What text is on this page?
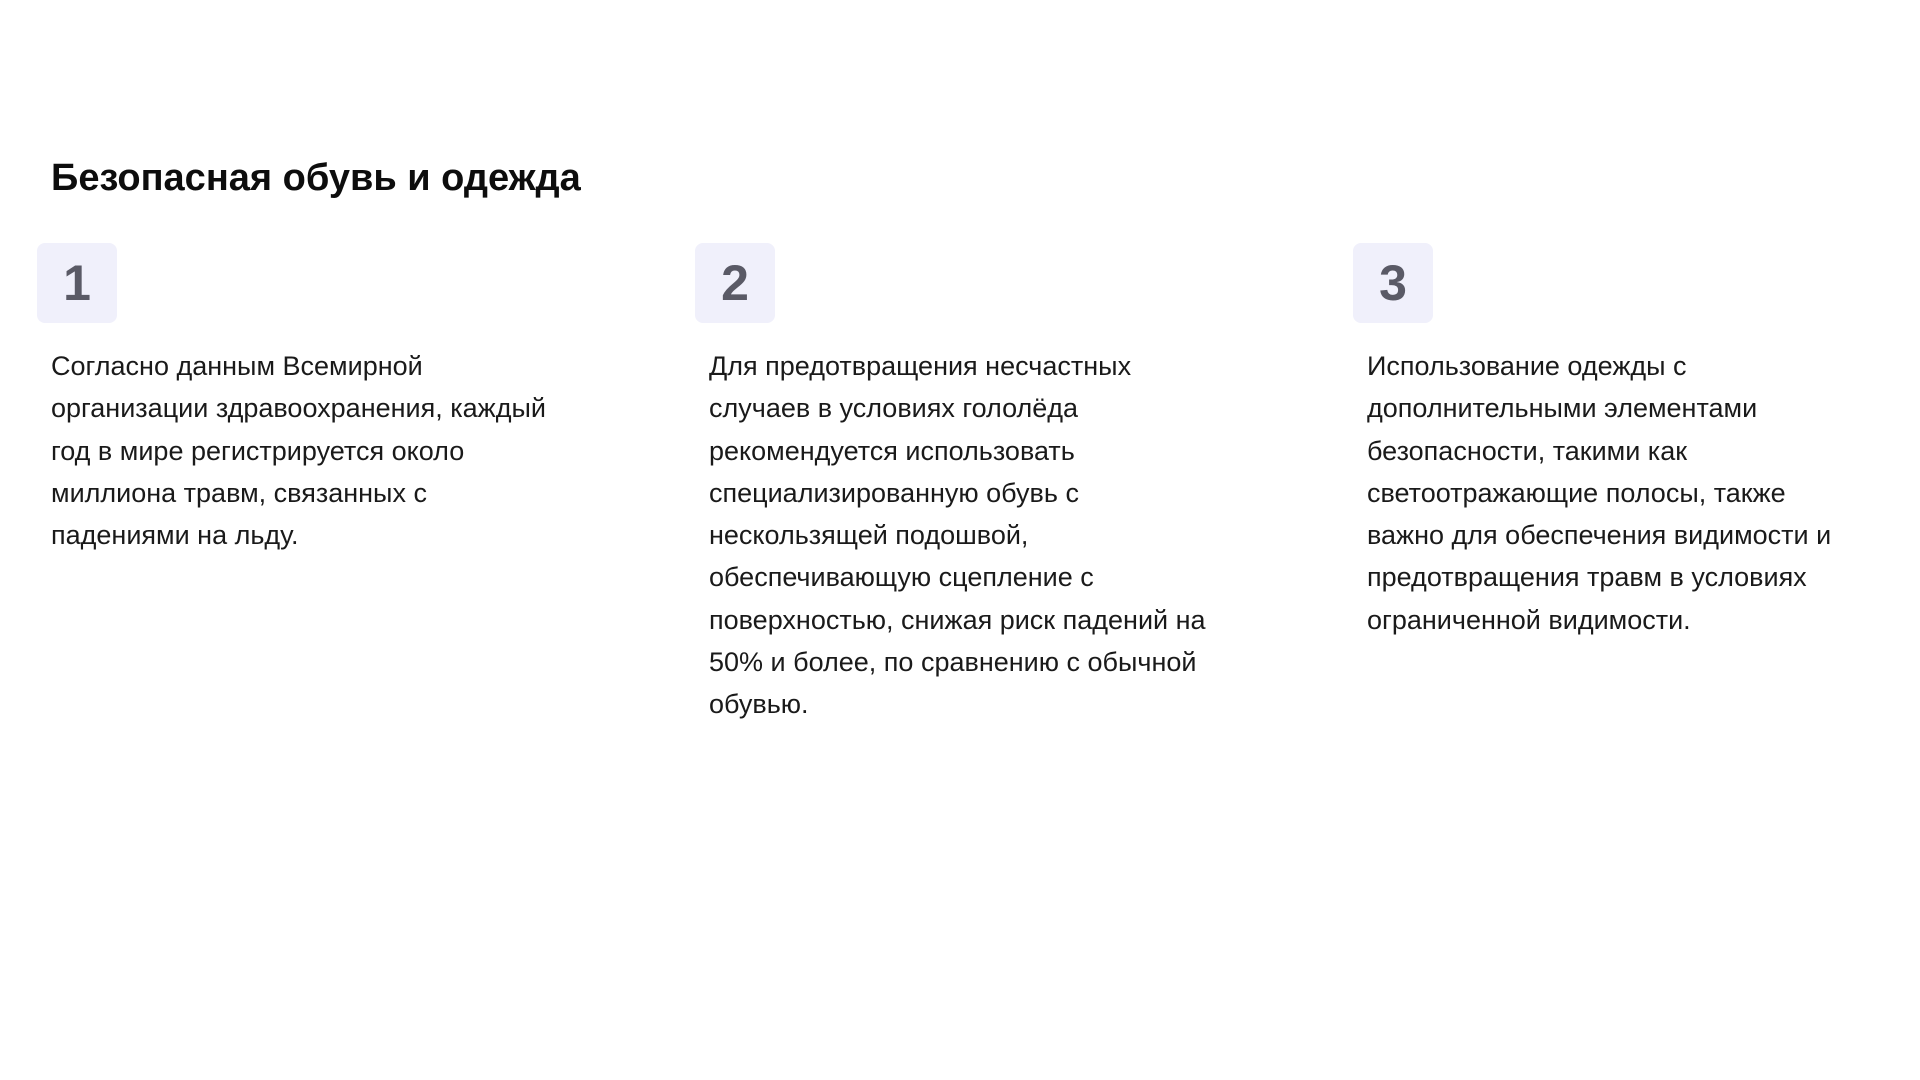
Безопасная обувь и одежда
1

Согласно данным Всемирной организации здравоохранения, каждый год в мире регистрируется около миллиона травм, связанных с падениями на льду.

2

Для предотвращения несчастных случаев в условиях гололёда рекомендуется использовать специализированную обувь с нескользящей подошвой, обеспечивающую сцепление с поверхностью, снижая риск падений на 50% и более, по сравнению с обычной обувью.

3

Использование одежды с дополнительными элементами безопасности, такими как светоотражающие полосы, также важно для обеспечения видимости и предотвращения травм в условиях ограниченной видимости.
